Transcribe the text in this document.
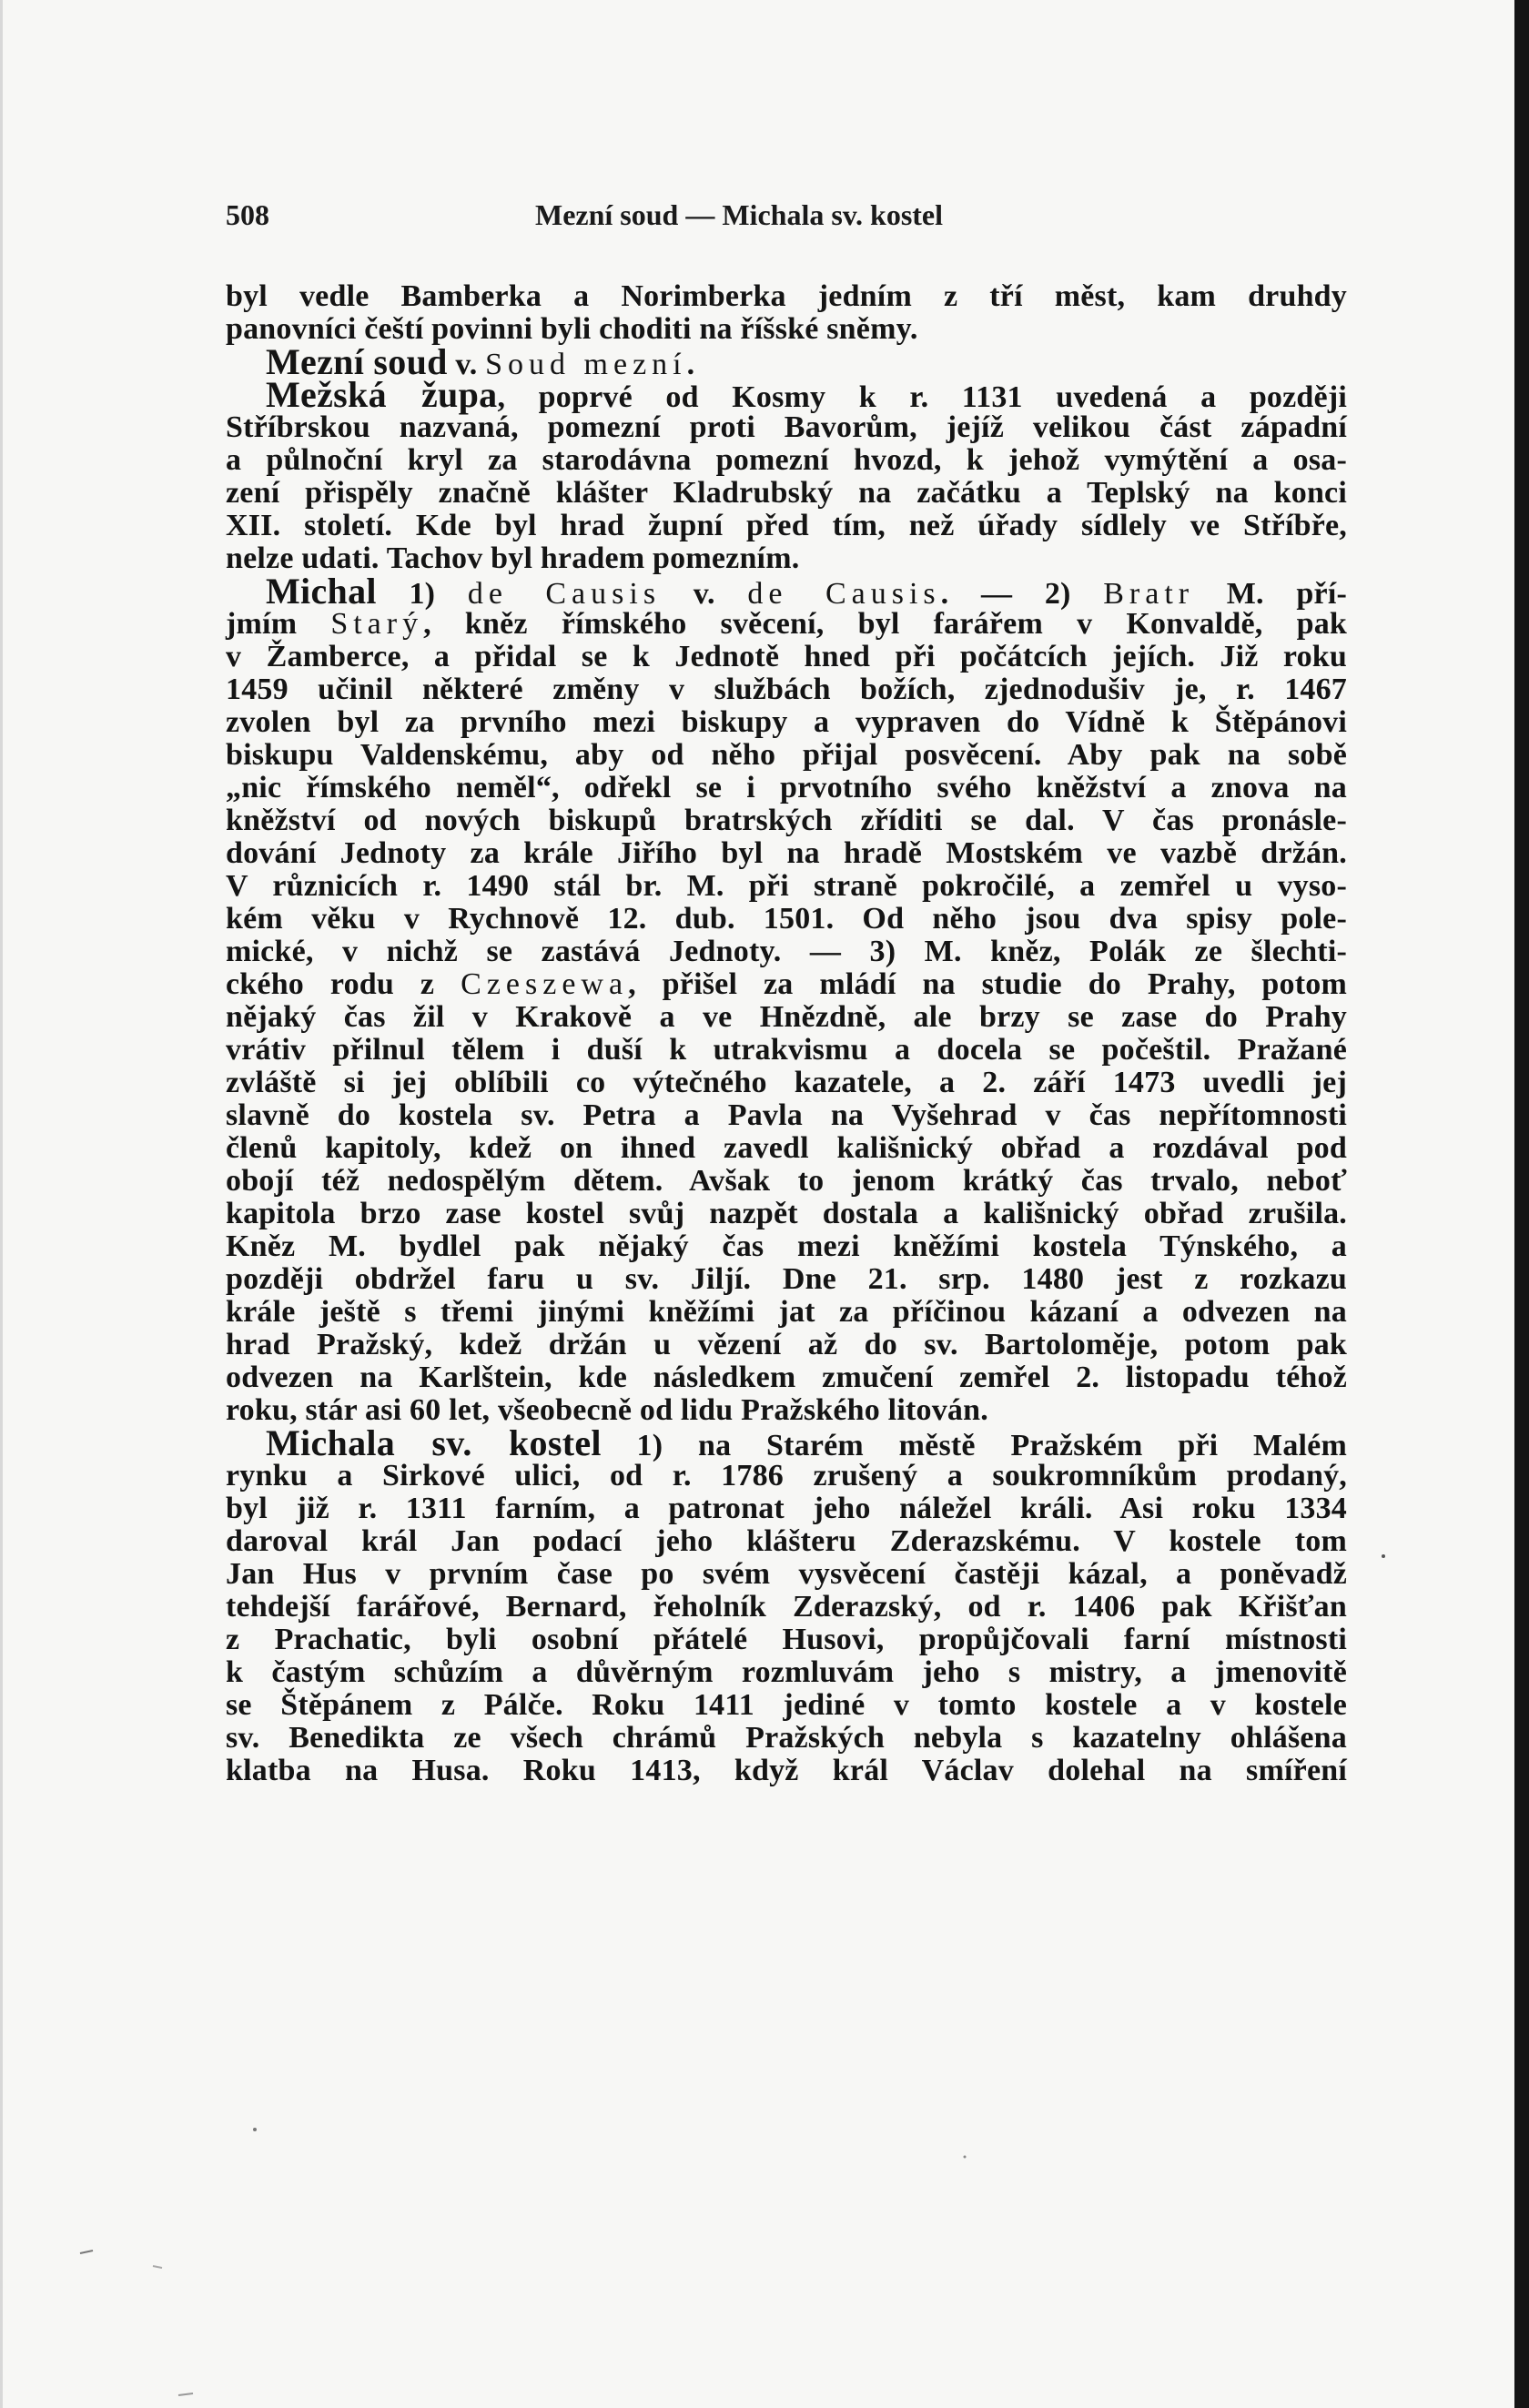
508	Mezní soud — Michala sv. kostel
byl vedle Bamberka a Norimberka jedním z tří měst, kam druhdy
panovníci čeští povinni byli choditi na říšské sněmy.
Mezní soud v. Soud mezní.
Mežská župa, poprvé od Kosmy k r. 1131 uvedená a později
Stříbrskou nazvaná, pomezní proti Bavorům, jejíž velikou část západní
a půlnoční kryl za starodávna pomezní hvozd, k jehož vymýtění a osa-
zení přispěly značně klášter Kladrubský na začátku a Teplský na konci
XII. století. Kde byl hrad župní před tím, než úřady sídlely ve Stříbře,
nelze udati. Tachov byl hradem pomezním.
Michal 1) de Causis v. de Causis. — 2) Bratr M. pří-
jmím Starý, kněz římského svěcení, byl farářem v Konvaldě, pak
v Žamberce, a přidal se k Jednotě hned při počátcích jejích. Již roku
1459 učinil některé změny v službách božích, zjednodušiv je, r. 1467
zvolen byl za prvního mezi biskupy a vypraven do Vídně k Štěpánovi
biskupu Valdenskému, aby od něho přijal posvěcení. Aby pak na sobě
„nic římského neměl“, odřekl se i prvotního svého kněžství a znova na
kněžství od nových biskupů bratrských zříditi se dal. V čas pronásle-
dování Jednoty za krále Jiřího byl na hradě Mostském ve vazbě držán.
V různicích r. 1490 stál br. M. při straně pokročilé, a zemřel u vyso-
kém věku v Rychnově 12. dub. 1501. Od něho jsou dva spisy pole-
mické, v nichž se zastává Jednoty. — 3) M. kněz, Polák ze šlechti-
ckého rodu z Czeszewa, přišel za mládí na studie do Prahy, potom
nějaký čas žil v Krakově a ve Hnězdně, ale brzy se zase do Prahy
vrátiv přilnul tělem i duší k utrakvismu a docela se počeštil. Pražané
zvláště si jej oblíbili co výtečného kazatele, a 2. září 1473 uvedli jej
slavně do kostela sv. Petra a Pavla na Vyšehrad v čas nepřítomnosti
členů kapitoly, kdež on ihned zavedl kališnický obřad a rozdával pod
obojí též nedospělým dětem. Avšak to jenom krátký čas trvalo, neboť
kapitola brzo zase kostel svůj nazpět dostala a kališnický obřad zrušila.
Kněz M. bydlel pak nějaký čas mezi kněžími kostela Týnského, a
později obdržel faru u sv. Jiljí. Dne 21. srp. 1480 jest z rozkazu
krále ještě s třemi jinými kněžími jat za příčinou kázaní a odvezen na
hrad Pražský, kdež držán u vězení až do sv. Bartoloměje, potom pak
odvezen na Karlštein, kde následkem zmučení zemřel 2. listopadu téhož
roku, stár asi 60 let, všeobecně od lidu Pražského litován.
Michala sv. kostel 1) na Starém městě Pražském při Malém
rynku a Sirkové ulici, od r. 1786 zrušený a soukromníkům prodaný,
byl již r. 1311 farním, a patronat jeho náležel králi. Asi roku 1334
daroval král Jan podací jeho klášteru Zderazskému. V kostele tom
Jan Hus v prvním čase po svém vysvěcení častěji kázal, a poněvadž
tehdejší farářové, Bernard, řeholník Zderazský, od r. 1406 pak Křišťan
z Prachatic, byli osobní přátelé Husovi, propůjčovali farní místnosti
k častým schůzím a důvěrným rozmluvám jeho s mistry, a jmenovitě
se Štěpánem z Pálče. Roku 1411 jediné v tomto kostele a v kostele
sv. Benedikta ze všech chrámů Pražských nebyla s kazatelny ohlášena
klatba na Husa. Roku 1413, když král Václav dolehal na smíření
